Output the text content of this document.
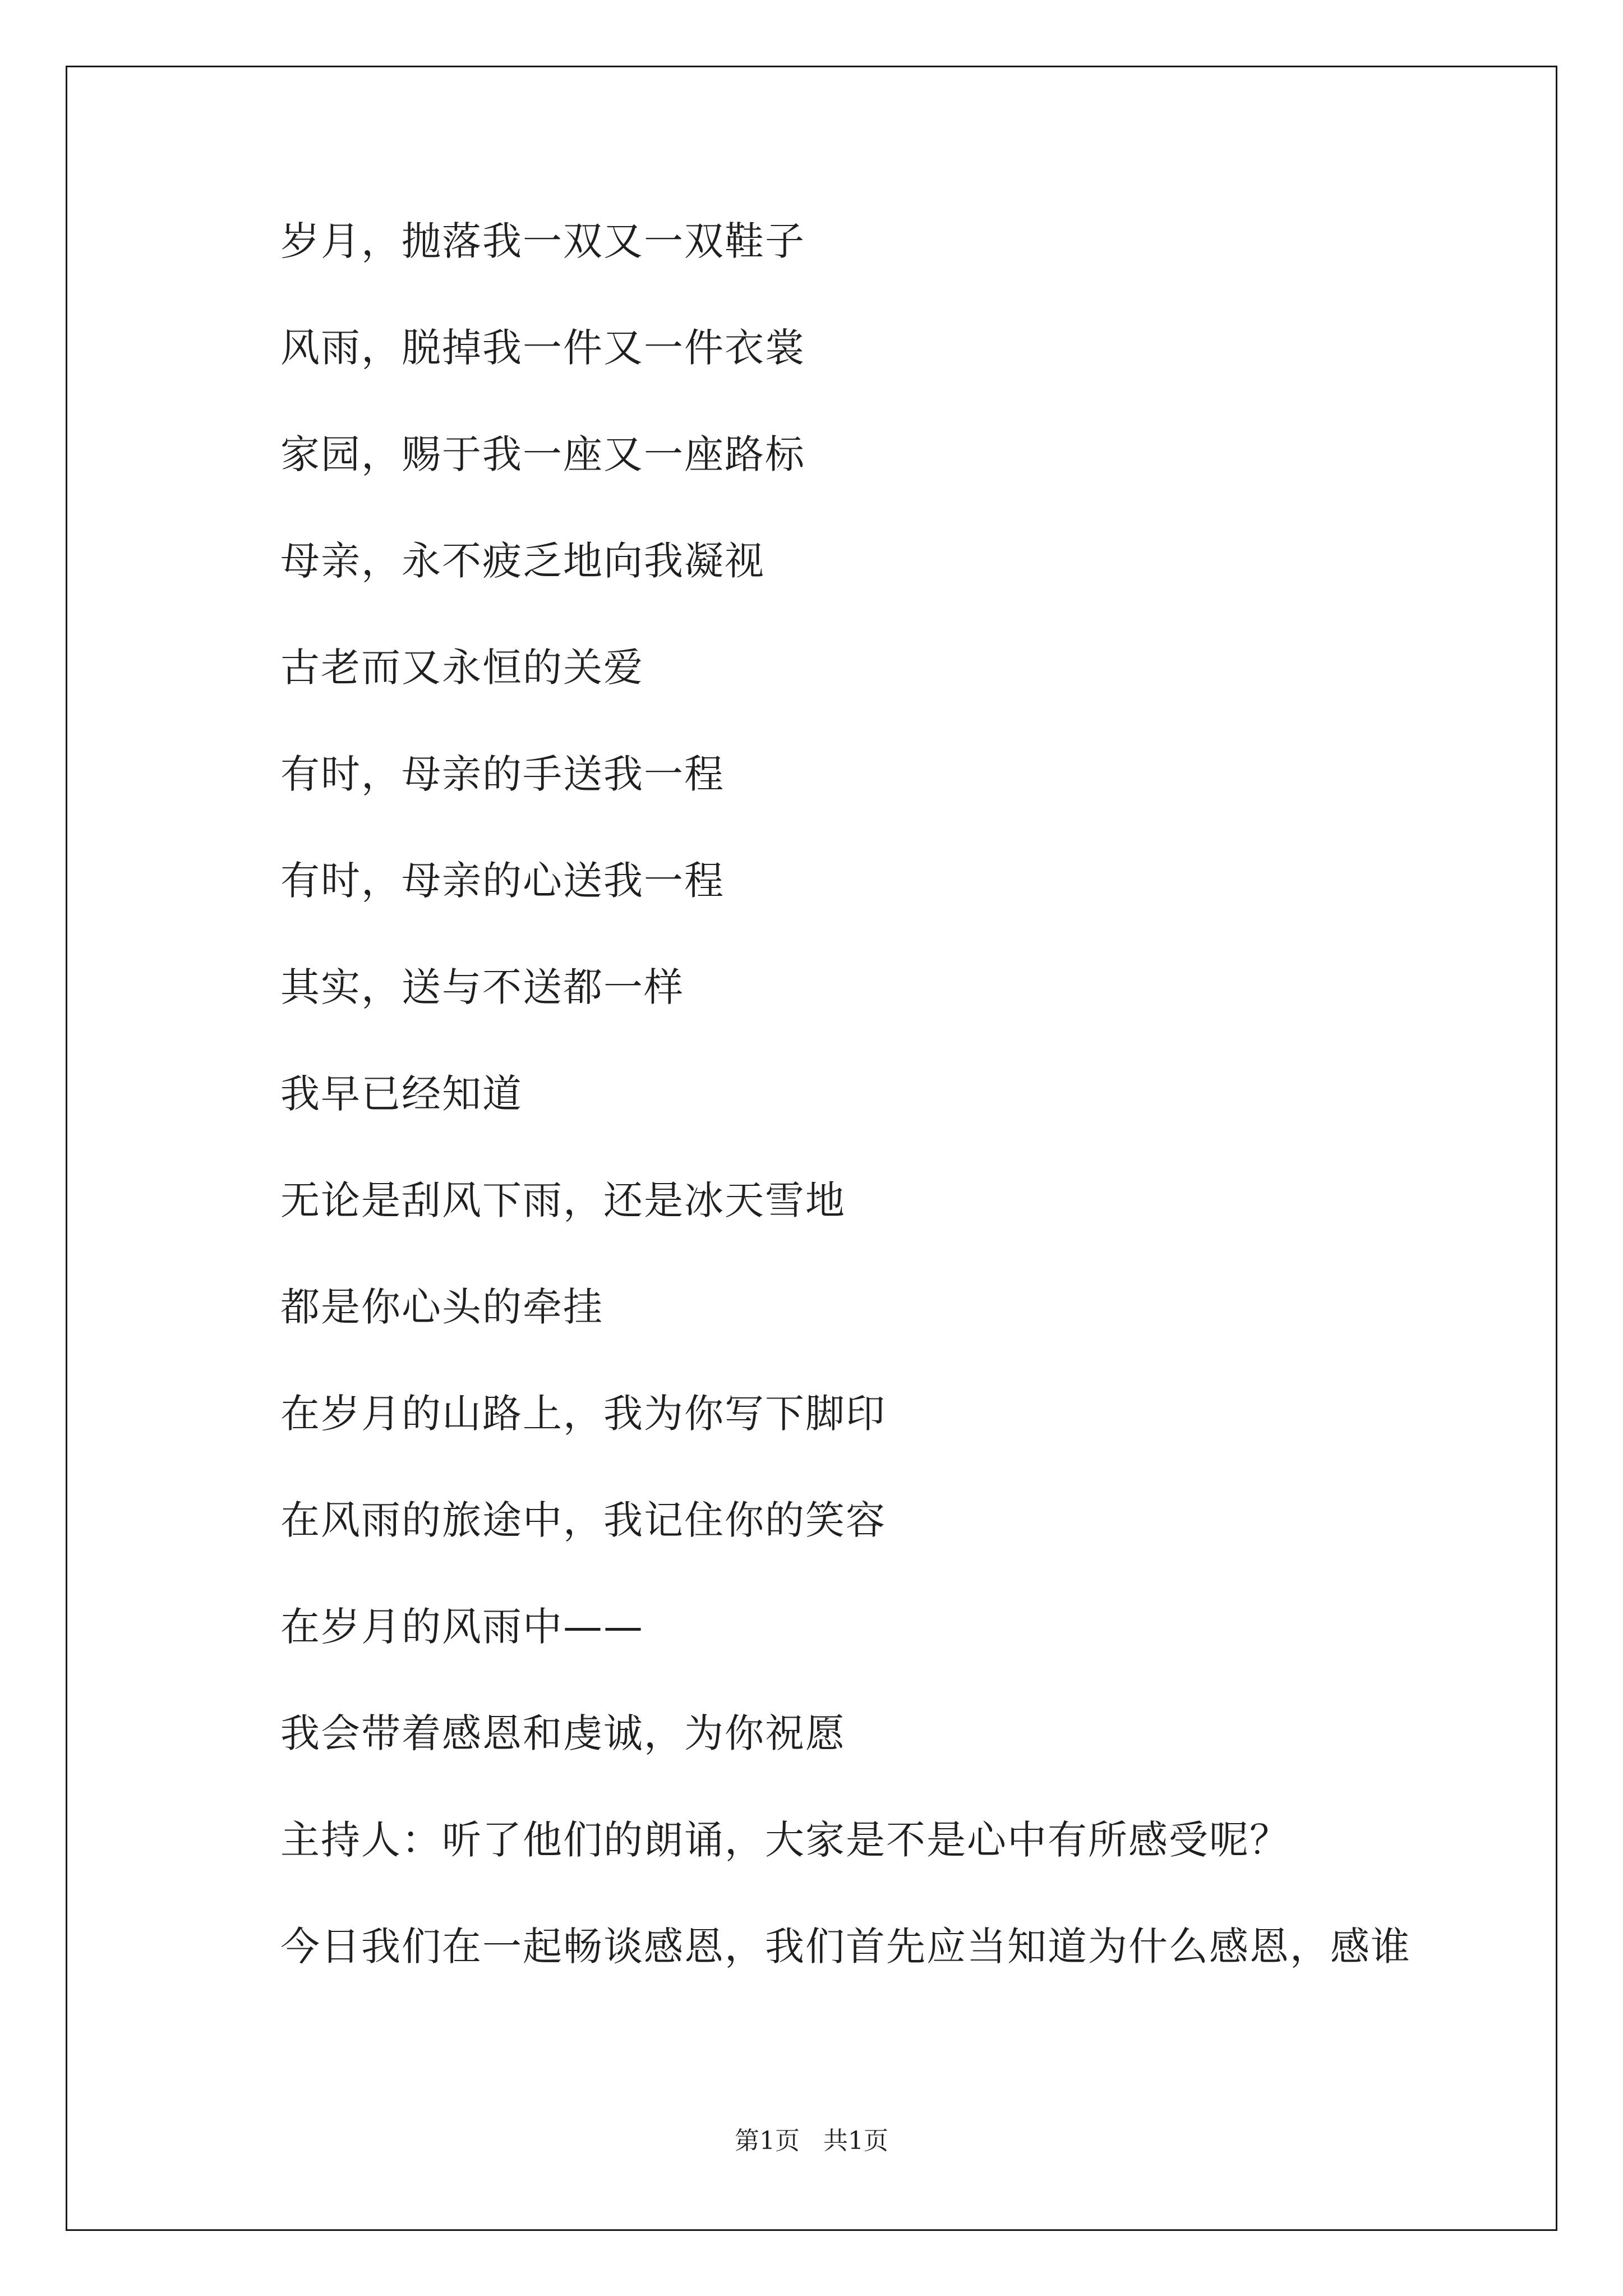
岁月，抛落我一双又一双鞋子
风雨，脱掉我一件又一件衣裳
家园，赐于我一座又一座路标
母亲，永不疲乏地向我凝视
古老而又永恒的关爱
有时，母亲的手送我一程
有时，母亲的心送我一程
其实，送与不送都一样
我早已经知道
无论是刮风下雨，还是冰天雪地
都是你心头的牵挂
在岁月的山路上，我为你写下脚印
在风雨的旅途中，我记住你的笑容
在岁月的风雨中——
我会带着感恩和虔诚，为你祝愿
主持人：听了他们的朗诵，大家是不是心中有所感受呢？
今日我们在一起畅谈感恩，我们首先应当知道为什么感恩，感谁
第1页   共1页
